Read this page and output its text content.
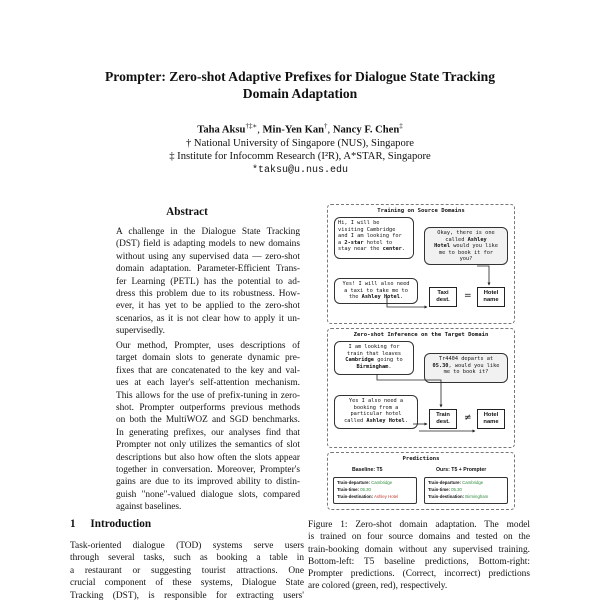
Prompter: Zero-shot Adaptive Prefixes for Dialogue State Tracking
Domain Adaptation
Taha Aksu†‡∗, Min-Yen Kan†, Nancy F. Chen‡
† National University of Singapore (NUS), Singapore
‡ Institute for Infocomm Research (I²R), A*STAR, Singapore
*taksu@u.nus.edu
Abstract
A challenge in the Dialogue State Tracking
(DST) field is adapting models to new domains
without using any supervised data — zero-shot
domain adaptation. Parameter-Efficient Trans-
fer Learning (PETL) has the potential to ad-
dress this problem due to its robustness. How-
ever, it has yet to be applied to the zero-shot
scenarios, as it is not clear how to apply it un-
supervisedly.
Our method, Prompter, uses descriptions of
target domain slots to generate dynamic pre-
fixes that are concatenated to the key and val-
ues at each layer's self-attention mechanism.
This allows for the use of prefix-tuning in zero-
shot. Prompter outperforms previous methods
on both the MultiWOZ and SGD benchmarks.
In generating prefixes, our analyses find that
Prompter not only utilizes the semantics of slot
descriptions but also how often the slots appear
together in conversation. Moreover, Prompter's
gains are due to its improved ability to distin-
guish "none"-valued dialogue slots, compared
against baselines.
1 Introduction
Task-oriented dialogue (TOD) systems serve users
through several tasks, such as booking a table in
a restaurant or suggesting tourist attractions. One
crucial component of these systems, Dialogue State
Tracking (DST), is responsible for extracting users'
Training on Source Domains
Hi, I will be
visiting Cambridge
and I am looking for
a 2-star hotel to
stay near the center.
Okay, there is one
called Ashley
Hotel would you like
me to book it for
you?
Yes! I will also need
a taxi to take me to
the Ashley Hotel.
Taxi
dest.	=	Hotel
name
Zero-shot Inference on the Target Domain
I am looking for
train that leaves
Cambridge going to
Birmingham.
Tr4404 departs at
05.30, would you like
me to book it?
Yes I also need a
booking from a
particular hotel
called Ashley Hotel.
Train
dest.	≠	Hotel
name
Predictions
Baseline: T5	Ours: T5 + Prompter
Train-departure: Cambridge
Train-time: 05.30
Train-destination: Ashley Hotel
Train-departure: Cambridge
Train-time: 05.30
Train-destination: Birmingham
Figure 1: Zero-shot domain adaptation. The model
is trained on four source domains and tested on the
train-booking domain without any supervised training.
Bottom-left: T5 baseline predictions, Bottom-right:
Prompter predictions. (Correct, incorrect) predictions
are colored (green, red), respectively.
